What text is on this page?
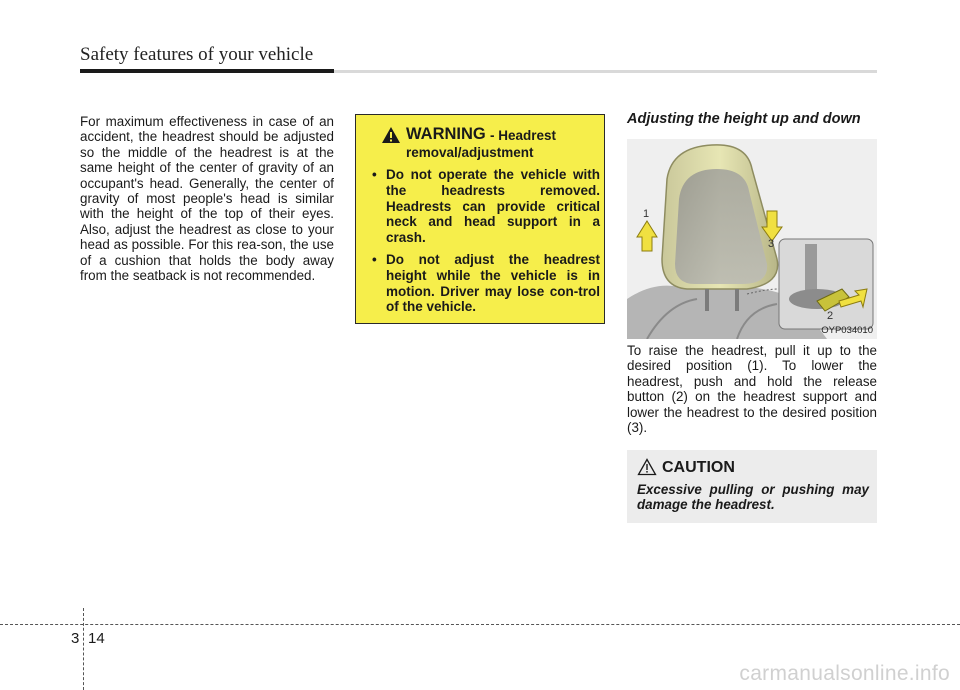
Safety features of your vehicle
For maximum effectiveness in case of an accident, the headrest should be adjusted so the middle of the headrest is at the same height of the center of gravity of an occupant's head. Generally, the center of gravity of most people's head is similar with the height of the top of their eyes. Also, adjust the headrest as close to your head as possible. For this rea-son, the use of a cushion that holds the body away from the seatback is not recommended.
WARNING - Headrest
removal/adjustment
• Do not operate the vehicle with the headrests removed. Headrests can provide critical neck and head support in a crash.
• Do not adjust the headrest height while the vehicle is in motion. Driver may lose con-trol of the vehicle.
Adjusting the height up and down
1
3
2
OYP034010
To raise the headrest, pull it up to the desired position (1). To lower the headrest, push and hold the release button (2) on the headrest support and lower the headrest to the desired position (3).
CAUTION
Excessive pulling or pushing may damage the headrest.
3 14
carmanualsonline.info
